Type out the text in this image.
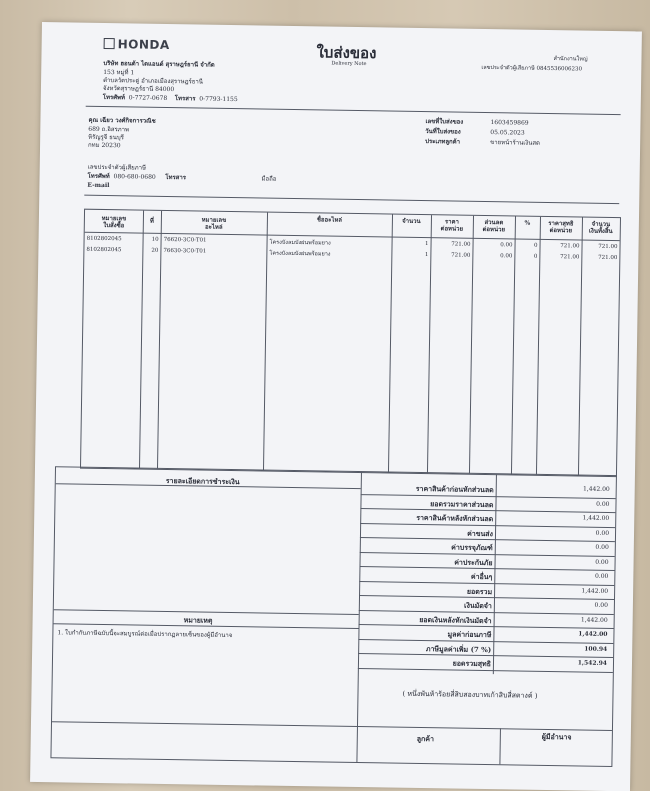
HONDA	ใบส่งของ
Delivery Note
สำนักงานใหญ่
เลขประจำตัวผู้เสียภาษี 0845536006230
บริษัท ฮอนด้า ไดแอนด์ สุราษฎร์ธานี จำกัด
153 หมู่ที่ 1
ตำบลวัดประดู่ อำเภอเมืองสุราษฎร์ธานี
จังหวัดสุราษฎร์ธานี 84000
โทรศัพท์ 0-7727-0678 โทรสาร 0-7793-1155
คุณ เฉียว วงศ์กิจการวณิช
689 ถ.อิสรภาพ
หิรัญรูจี ธนบุรี
กทม 20230
เลขประจำตัวผู้เสียภาษี
โทรศัพท์ 080-680-0680 โทรสาร	มือถือ
E-mail
เลขที่ใบส่งของ	1603459869
วันที่ใบส่งของ	05.05.2023
ประเภทลูกค้า	ขายหน้าร้านเงินสด
หมายเลข
ใบสั่งซื้อ
ที่	หมายเลข
อะไหล่
ชื่ออะไหล่	จำนวน	ราคา
ต่อหน่วย
ส่วนลด
ต่อหน่วย
%	ราคาสุทธิ
ต่อหน่วย
จำนวน
เงินทั้งสิ้น
8102802045	10 76620-3C0-T01	โครงบังลมบังฝนพร้อมยาง	1	721.00	0.00	0	721.00	721.00
8102802045	20 76630-3C0-T01	โครงบังลมบังฝนพร้อมยาง	1	721.00	0.00	0	721.00	721.00
รายละเอียดการชำระเงิน
หมายเหตุ
1. ใบกำกับภาษีฉบับนี้จะสมบูรณ์ต่อเมื่อปรากฏลายเซ็นของผู้มีอำนาจ
ราคาสินค้าก่อนหักส่วนลด	1,442.00
ยอดรวมราคาส่วนลด	0.00
ราคาสินค้าหลังหักส่วนลด	1,442.00
ค่าขนส่ง	0.00
ค่าบรรจุภัณฑ์	0.00
ค่าประกันภัย	0.00
ค่าอื่นๆ	0.00
ยอดรวม	1,442.00
เงินมัดจำ	0.00
ยอดเงินหลังหักเงินมัดจำ	1,442.00
มูลค่าก่อนภาษี	1,442.00
ภาษีมูลค่าเพิ่ม (7 %)	100.94
ยอดรวมสุทธิ	1,542.94
( หนึ่งพันห้าร้อยสี่สิบสองบาทเก้าสิบสี่สตางค์ )
ลูกค้า	ผู้มีอำนาจ
